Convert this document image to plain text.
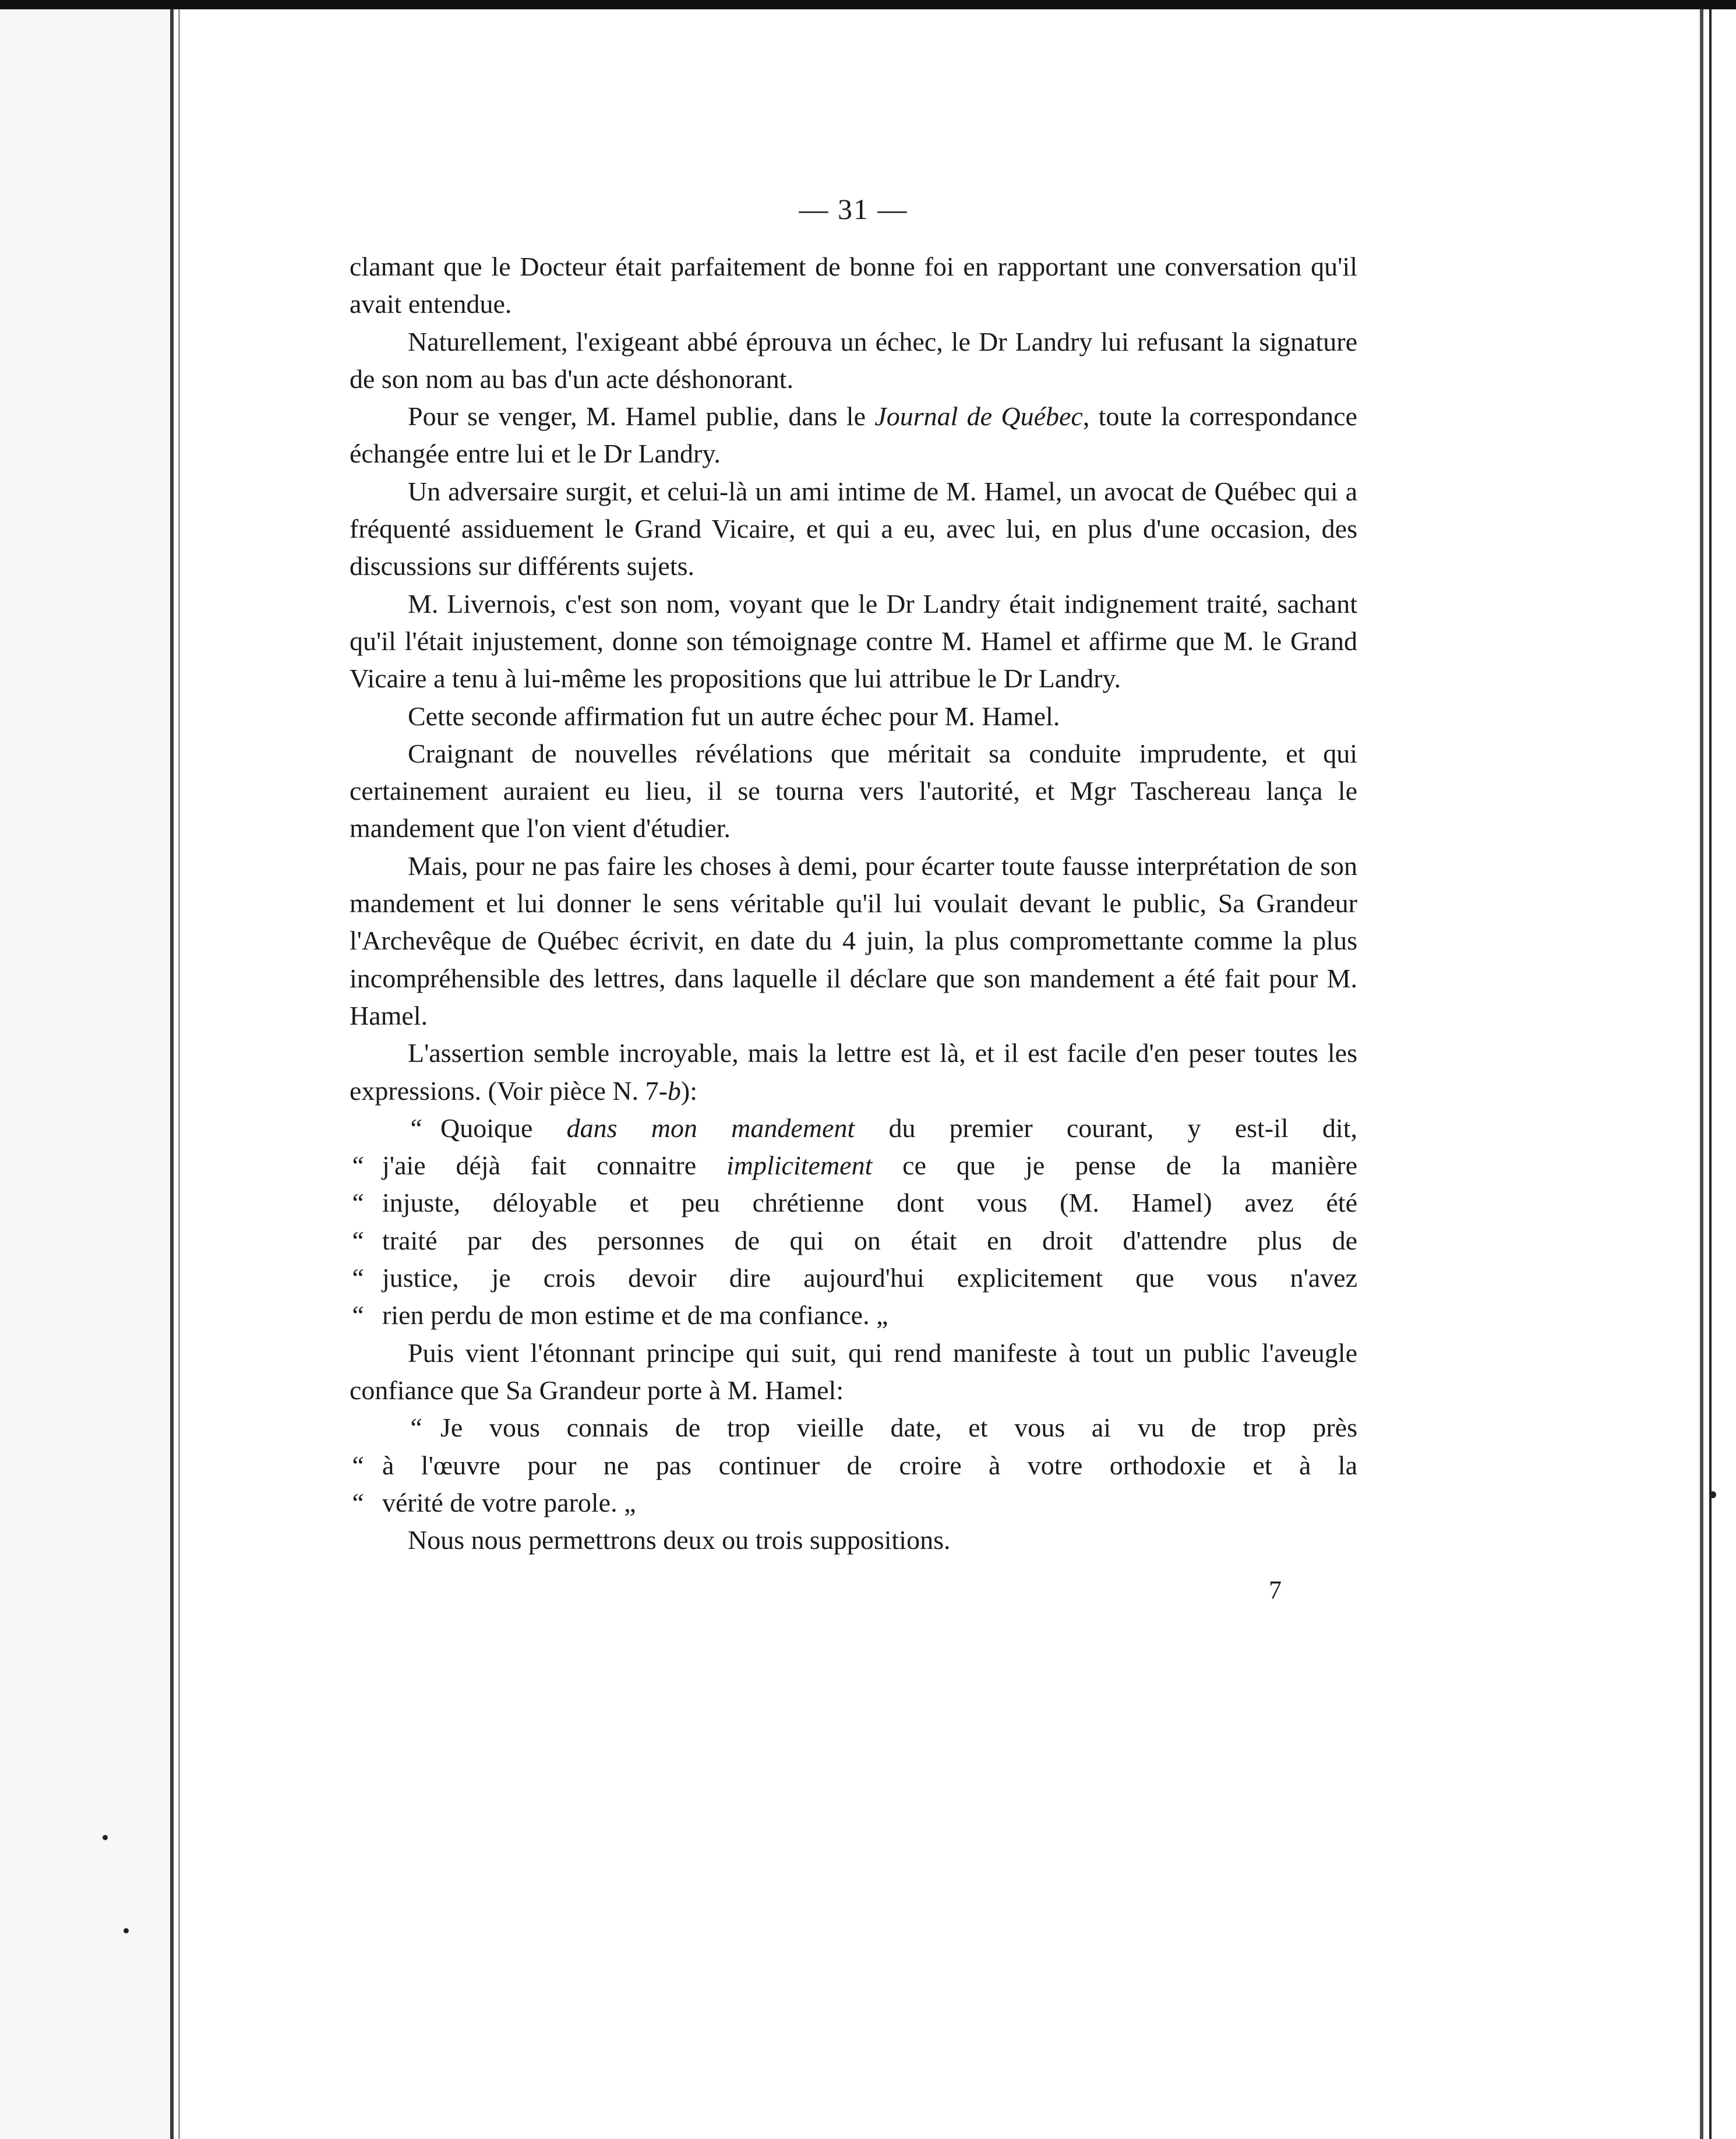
— 31 —

clamant que le Docteur était parfaitement de bonne foi en rapportant une conversation qu'il avait entendue.

Naturellement, l'exigeant abbé éprouva un échec, le Dr Landry lui refusant la signature de son nom au bas d'un acte déshonorant.

Pour se venger, M. Hamel publie, dans le Journal de Québec, toute la correspondance échangée entre lui et le Dr Landry.

Un adversaire surgit, et celui-là un ami intime de M. Hamel, un avocat de Québec qui a fréquenté assiduement le Grand Vicaire, et qui a eu, avec lui, en plus d'une occasion, des discussions sur différents sujets.

M. Livernois, c'est son nom, voyant que le Dr Landry était indignement traité, sachant qu'il l'était injustement, donne son témoignage contre M. Hamel et affirme que M. le Grand Vicaire a tenu à lui-même les propositions que lui attribue le Dr Landry.

Cette seconde affirmation fut un autre échec pour M. Hamel.

Craignant de nouvelles révélations que méritait sa conduite imprudente, et qui certainement auraient eu lieu, il se tourna vers l'autorité, et Mgr Taschereau lança le mandement que l'on vient d'étudier.

Mais, pour ne pas faire les choses à demi, pour écarter toute fausse interprétation de son mandement et lui donner le sens véritable qu'il lui voulait devant le public, Sa Grandeur l'Archevêque de Québec écrivit, en date du 4 juin, la plus compromettante comme la plus incompréhensible des lettres, dans laquelle il déclare que son mandement a été fait pour M. Hamel.

L'assertion semble incroyable, mais la lettre est là, et il est facile d'en peser toutes les expressions. (Voir pièce N. 7-b):

“ Quoique dans mon mandement du premier courant, y est-il dit,
“ j'aie déjà fait connaitre implicitement ce que je pense de la manière
“ injuste, déloyable et peu chrétienne dont vous (M. Hamel) avez été
“ traité par des personnes de qui on était en droit d'attendre plus de
“ justice, je crois devoir dire aujourd'hui explicitement que vous n'avez
“ rien perdu de mon estime et de ma confiance. „

Puis vient l'étonnant principe qui suit, qui rend manifeste à tout un public l'aveugle confiance que Sa Grandeur porte à M. Hamel:

“ Je vous connais de trop vieille date, et vous ai vu de trop près
“ à l'œuvre pour ne pas continuer de croire à votre orthodoxie et à la
“ vérité de votre parole. „

Nous nous permettrons deux ou trois suppositions.

7
